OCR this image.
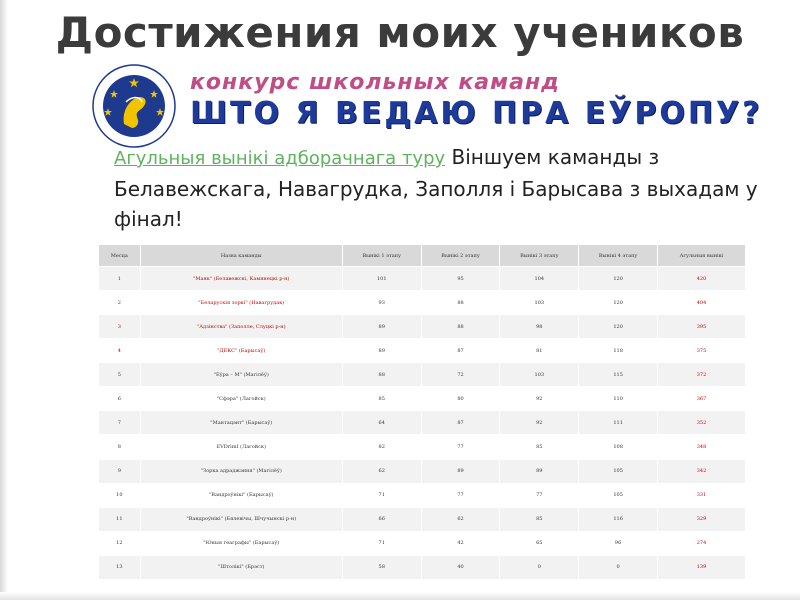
Достижения моих учеников
конкурс школьных каманд
ШТО Я ВЕДАЮ ПРА ЕЎРОПУ?

Агульныя вынікі адборачнага туру Віншуем каманды з Белавежскага, Навагрудка, Заполля і Барысава з выхадам у фінал!

Месца	Назва каманды	Вынікі 1 этапу	Вынікі 2 этапу	Вынікі 3 этапу	Вынікі 4 этапу	Агульныя вынікі
1	"Маяк" (Белавежскі, Камянецкі р-н)	101	95	104	120	420
2	"Беларускія зоркі" (Навагрудак)	93	88	103	120	404
3	"Адзінства" (Заполле, Слуцкі р-н)	89	88	98	120	395
4	"ДЕКС" (Барысаў)	89	87	81	118	375
5	"Еўра – М" (Магілёў)	88	72	103	115	372
6	"Сфэра" (Лагойск)	85	80	92	110	367
7	"Мантацэнт" (Барысаў)	64	87	92	111	352
8	EVDrimI (Лагойск)	82	77	85	108	348
9	"Зорка адраджэння" (Магілёў)	62	89	89	105	342
10	"Вандроўнікі" (Барысаў)	71	77	77	105	331
11	"Вандроўнікі" (Бялевічы, Шчучынскі р-н)	66	62	85	116	329
12	"Юныя геаграфы" (Барысаў)	71	42	65	96	274
13	"Штолікі" (Брэст)	58	40	0	0	139
